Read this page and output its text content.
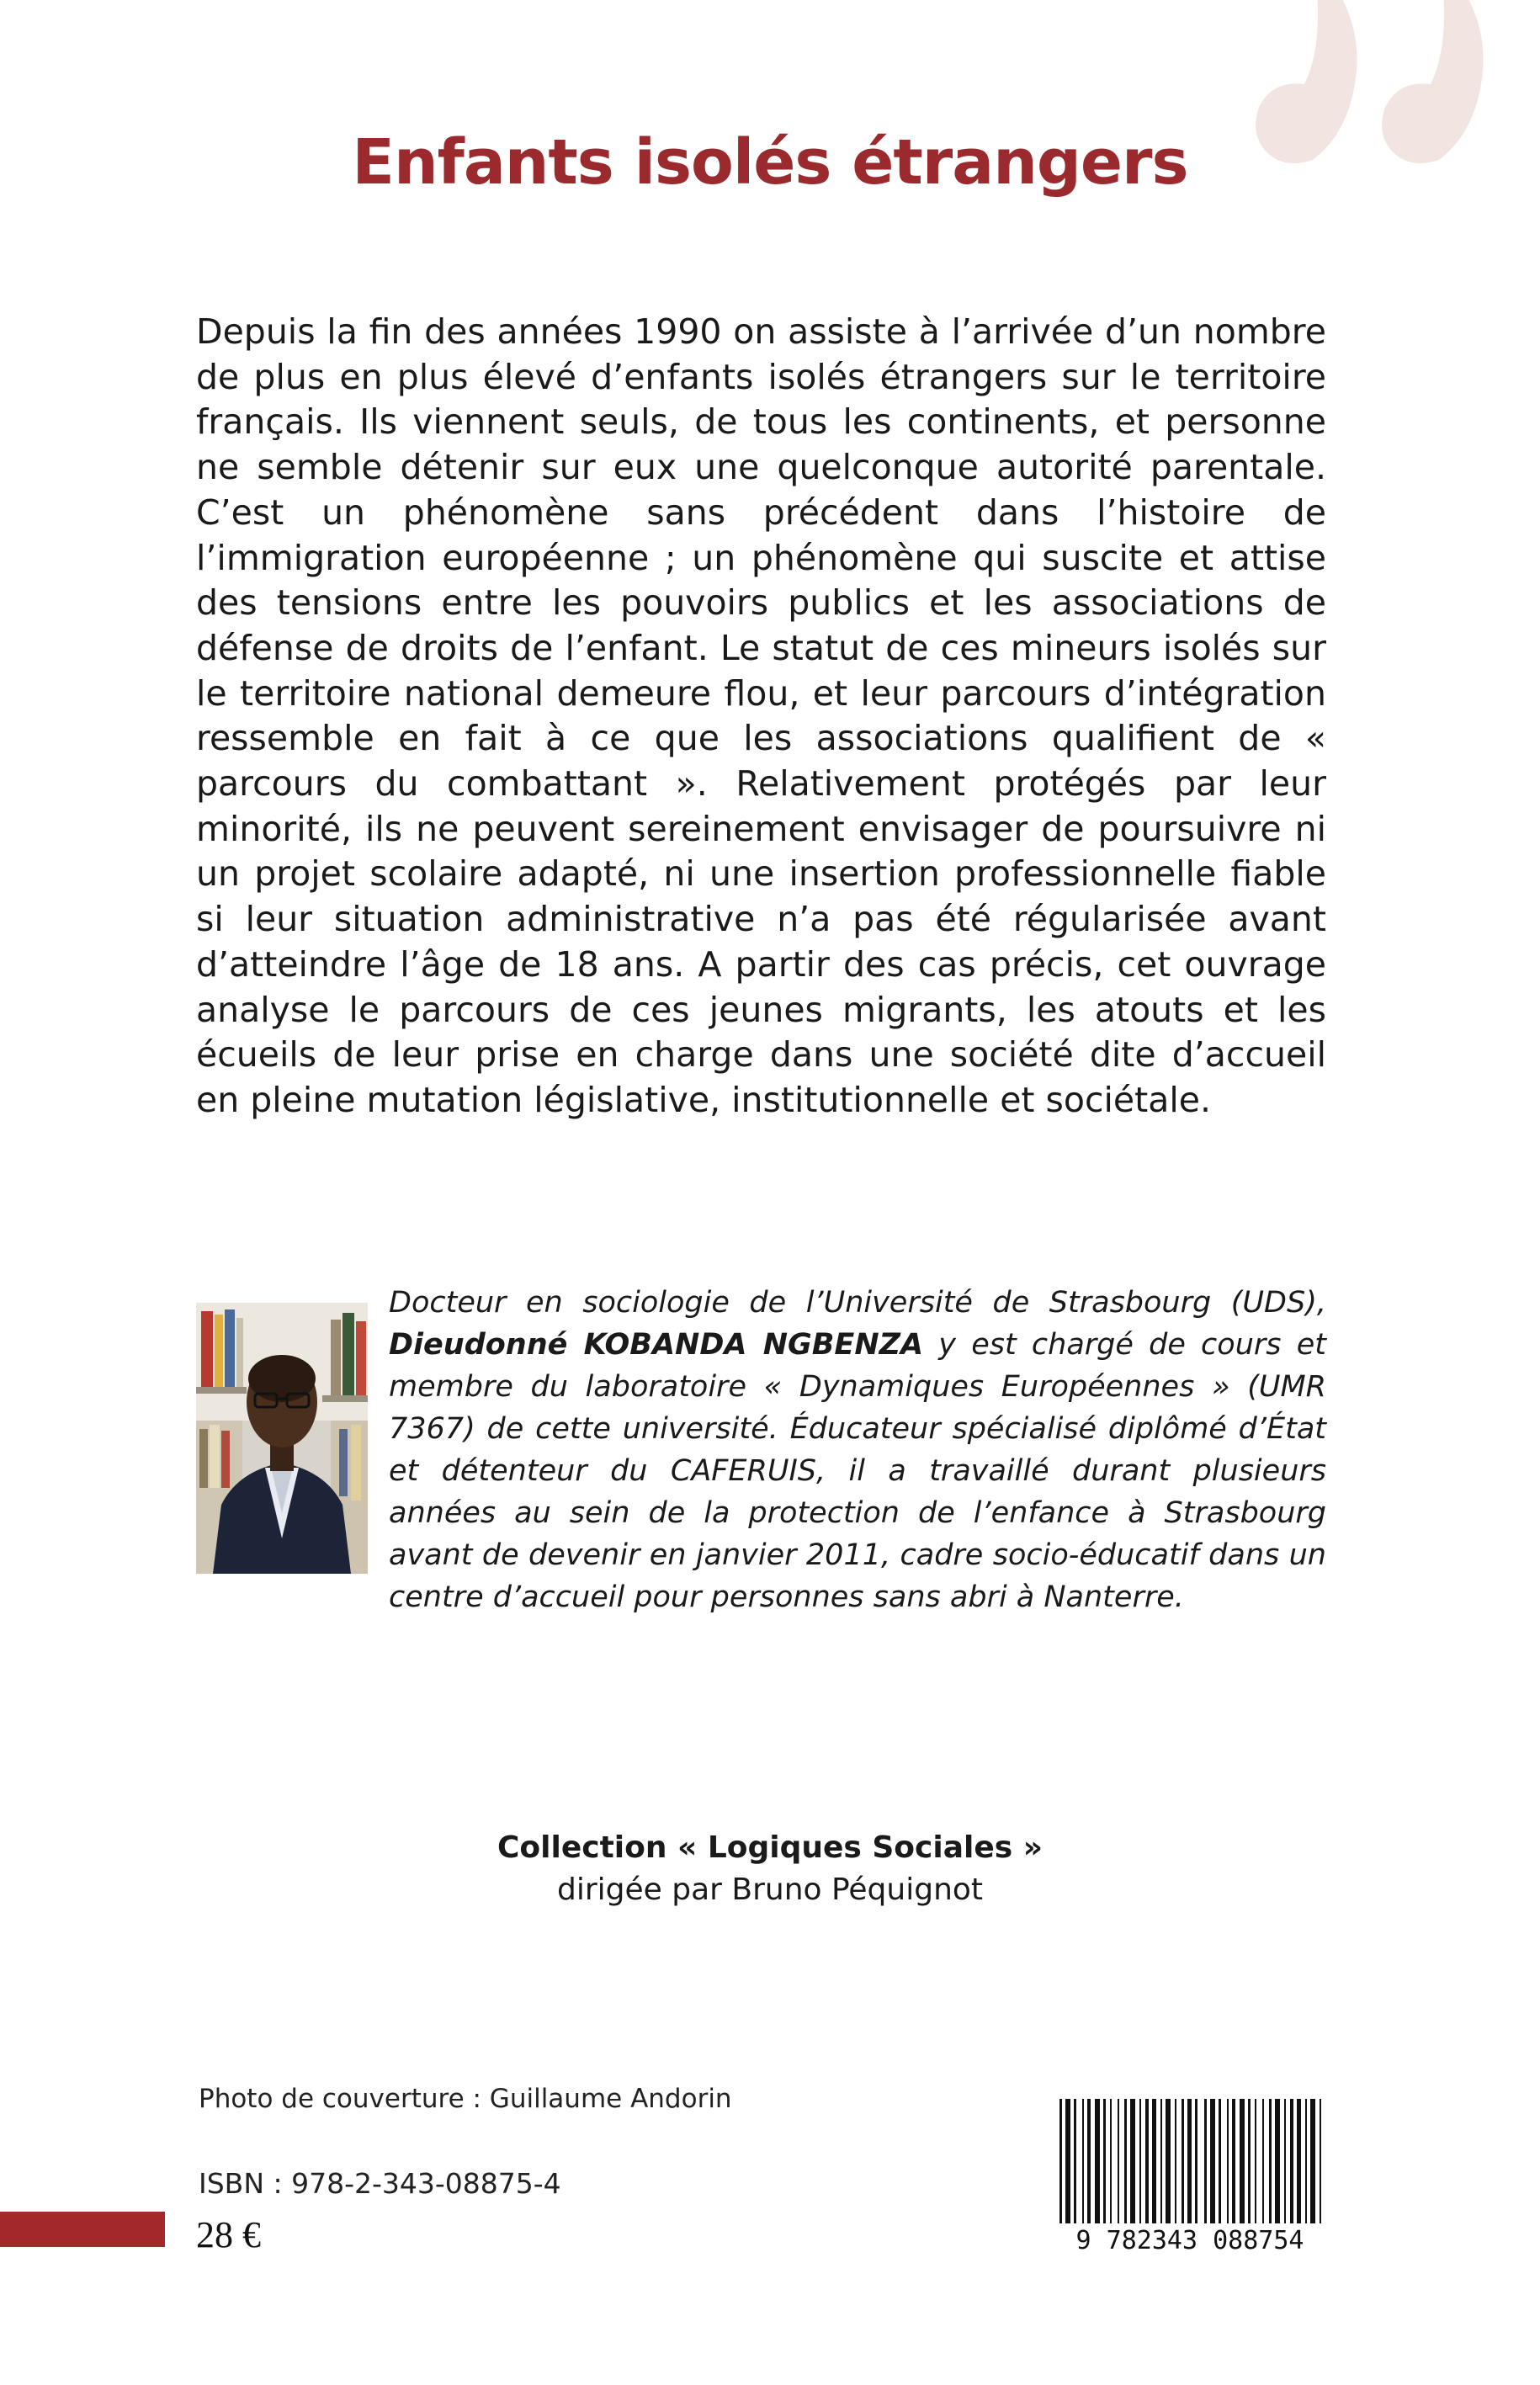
Enfants isolés étrangers

Depuis la fin des années 1990 on assiste à l’arrivée d’un nombre de plus en plus élevé d’enfants isolés étrangers sur le territoire français. Ils viennent seuls, de tous les continents, et personne ne semble détenir sur eux une quelconque autorité parentale. C’est un phénomène sans précédent dans l’histoire de l’immigration européenne ; un phénomène qui suscite et attise des tensions entre les pouvoirs publics et les associations de défense de droits de l’enfant. Le statut de ces mineurs isolés sur le territoire national demeure flou, et leur parcours d’intégration ressemble en fait à ce que les associations qualifient de « parcours du combattant ». Relativement protégés par leur minorité, ils ne peuvent sereinement envisager de poursuivre ni un projet scolaire adapté, ni une insertion professionnelle fiable si leur situation administrative n’a pas été régularisée avant d’atteindre l’âge de 18 ans. A partir des cas précis, cet ouvrage analyse le parcours de ces jeunes migrants, les atouts et les écueils de leur prise en charge dans une société dite d’accueil en pleine mutation législative, institutionnelle et sociétale.

Docteur en sociologie de l’Université de Strasbourg (UDS), Dieudonné KOBANDA NGBENZA y est chargé de cours et membre du laboratoire « Dynamiques Européennes » (UMR 7367) de cette université. Éducateur spécialisé diplômé d’État et détenteur du CAFERUIS, il a travaillé durant plusieurs années au sein de la protection de l’enfance à Strasbourg avant de devenir en janvier 2011, cadre socio-éducatif dans un centre d’accueil pour personnes sans abri à Nanterre.

Collection « Logiques Sociales »
dirigée par Bruno Péquignot
Photo de couverture : Guillaume Andorin
ISBN : 978-2-343-08875-4
28 €	9 782343 088754
